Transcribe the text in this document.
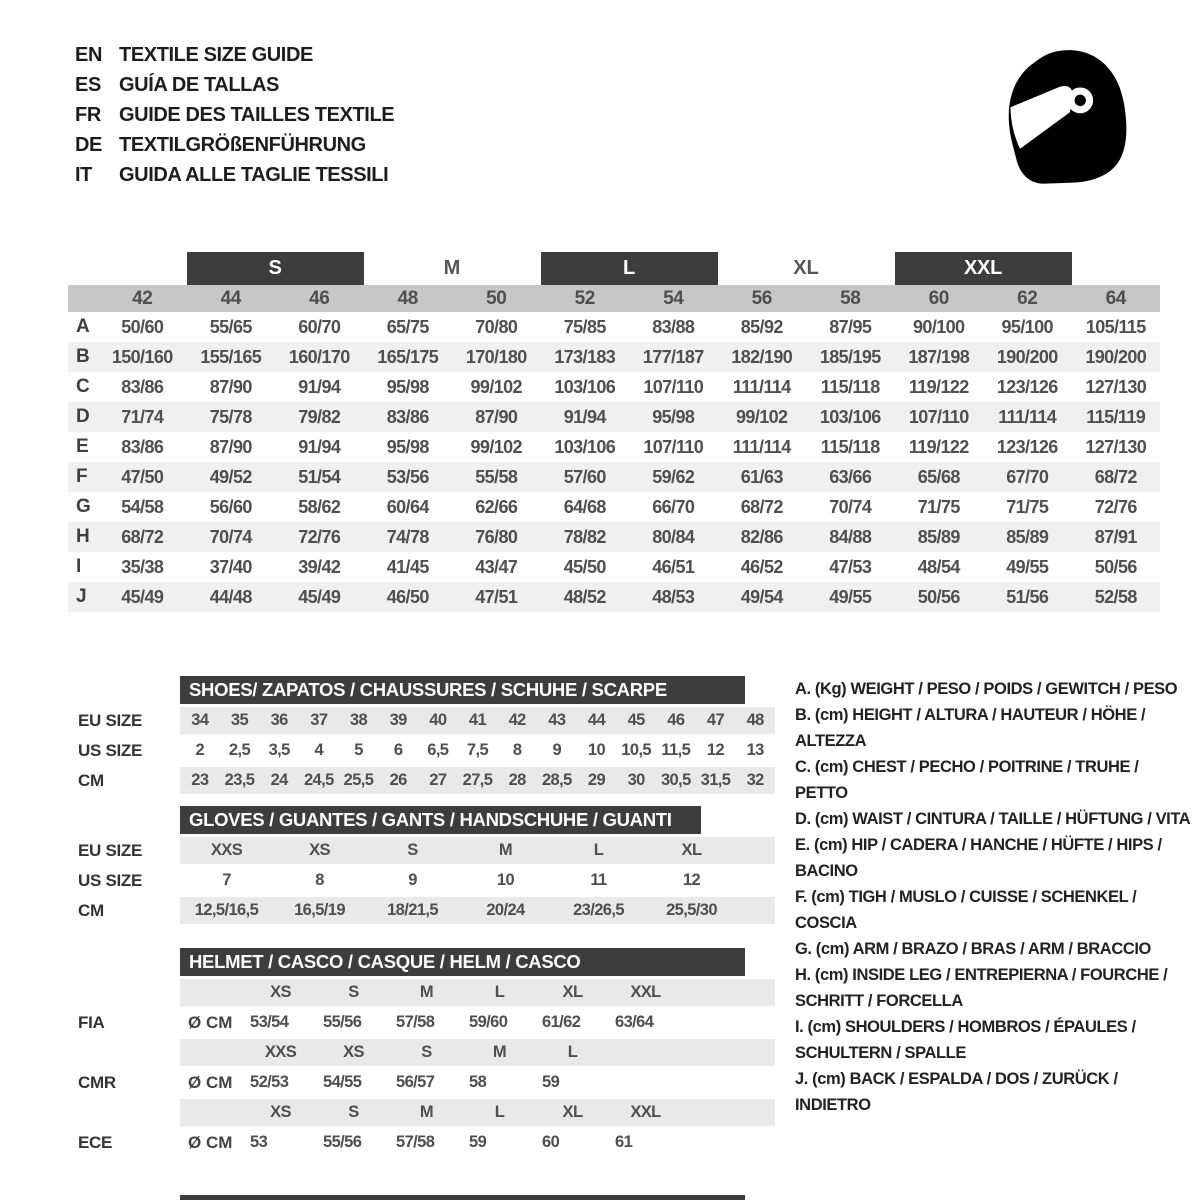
EN TEXTILE SIZE GUIDE
ES GUÍA DE TALLAS
FR GUIDE DES TAILLES TEXTILE
DE TEXTILGRÖßENFÜHRUNG
IT	GUIDA ALLE TAGLIE TESSILI
S	M	L	XL	XXL
42	44	46	48	50	52	54	56	58	60	62	64
A	50/60	55/65	60/70	65/75	70/80	75/85	83/88	85/92	87/95	90/100	95/100	105/115
B	150/160	155/165	160/170	165/175	170/180	173/183	177/187	182/190	185/195	187/198	190/200	190/200
C	83/86	87/90	91/94	95/98	99/102	103/106	107/110	111/114	115/118	119/122	123/126	127/130
D	71/74	75/78	79/82	83/86	87/90	91/94	95/98	99/102	103/106	107/110	111/114	115/119
E	83/86	87/90	91/94	95/98	99/102	103/106	107/110	111/114	115/118	119/122	123/126	127/130
F	47/50	49/52	51/54	53/56	55/58	57/60	59/62	61/63	63/66	65/68	67/70	68/72
G	54/58	56/60	58/62	60/64	62/66	64/68	66/70	68/72	70/74	71/75	71/75	72/76
H	68/72	70/74	72/76	74/78	76/80	78/82	80/84	82/86	84/88	85/89	85/89	87/91
I	35/38	37/40	39/42	41/45	43/47	45/50	46/51	46/52	47/53	48/54	49/55	50/56
J	45/49	44/48	45/49	46/50	47/51	48/52	48/53	49/54	49/55	50/56	51/56	52/58
SHOES/ ZAPATOS / CHAUSSURES / SCHUHE / SCARPE
EU SIZE	34	35	36	37	38	39	40	41	42	43	44	45	46	47	48
US SIZE	2	2,5	3,5	4	5	6	6,5	7,5	8	9	10 10,5 11,5	12	13
CM	23 23,5 24 24,5 25,5 26	27 27,5 28 28,5 29	30 30,5 31,5 32
GLOVES / GUANTES / GANTS / HANDSCHUHE / GUANTI
EU SIZE	XXS	XS	S	M	L	XL
US SIZE	7	8	9	10	11	12
CM	12,5/16,5	16,5/19	18/21,5	20/24	23/26,5	25,5/30
HELMET / CASCO / CASQUE / HELM / CASCO
XS	S	M	L	XL	XXL
FIA	Ø CM	53/54	55/56	57/58	59/60	61/62	63/64
XXS	XS	S	M	L
CMR	Ø CM	52/53	54/55	56/57	58	59
XS	S	M	L	XL	XXL
ECE	Ø CM	53	55/56	57/58	59	60	61
A. (Kg) WEIGHT / PESO / POIDS / GEWITCH / PESO
B. (cm) HEIGHT / ALTURA / HAUTEUR / HÖHE / ALTEZZA
C. (cm) CHEST / PECHO / POITRINE / TRUHE / PETTO
D. (cm) WAIST / CINTURA / TAILLE / HÜFTUNG / VITA
E. (cm) HIP / CADERA / HANCHE / HÜFTE / HIPS / BACINO
F. (cm) TIGH / MUSLO / CUISSE / SCHENKEL / COSCIA
G. (cm) ARM / BRAZO / BRAS / ARM / BRACCIO
H. (cm) INSIDE LEG / ENTREPIERNA / FOURCHE / SCHRITT / FORCELLA
I. (cm) SHOULDERS / HOMBROS / ÉPAULES / SCHULTERN / SPALLE
J. (cm) BACK / ESPALDA / DOS / ZURÜCK / INDIETRO
